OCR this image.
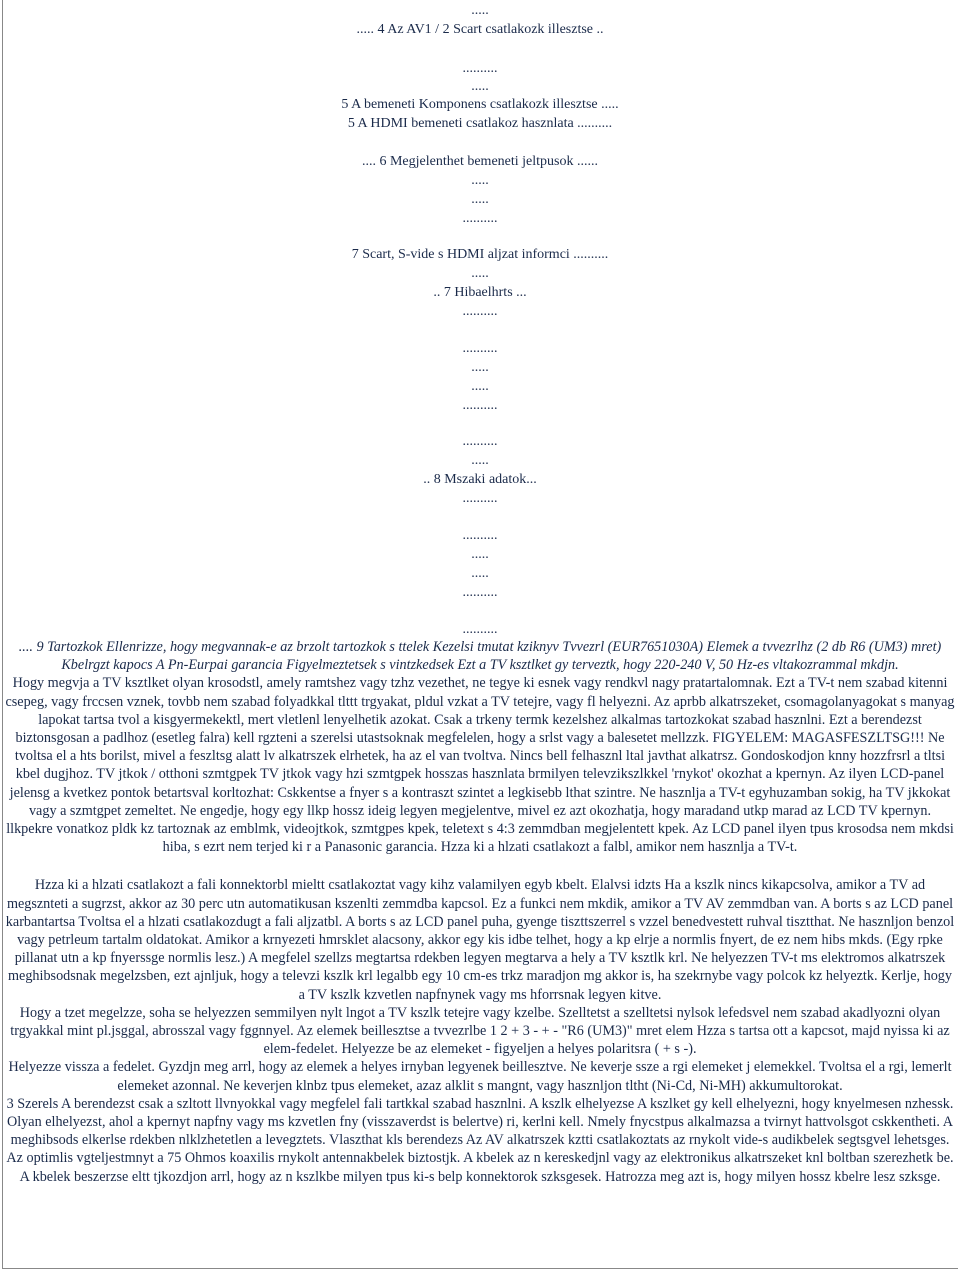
.....
..... 4 Az AV1 / 2 Scart csatlakozk illesztse ..
..........
.....
5 A bemeneti Komponens csatlakozk illesztse .....
5 A HDMI bemeneti csatlakoz hasznlata ..........
.... 6 Megjelenthet bemeneti jeltpusok ......
.....
.....
..........
7 Scart, S-vide s HDMI aljzat informci ..........
.....
.. 7 Hibaelhrts ...
..........
..........
.....
.....
..........
..........
.....
.. 8 Mszaki adatok...
..........
..........
.....
.....
..........
..........

.... 9 Tartozkok Ellenrizze, hogy megvannak-e az brzolt tartozkok s ttelek Kezelsi tmutat kziknyv Tvvezrl (EUR7651030A) Elemek a tvvezrlhz (2 db R6 (UM3) mret) Kbelrgzt kapocs A Pn-Eurpai garancia Figyelmeztetsek s vintzkedsek Ezt a TV ksztlket gy terveztk, hogy 220-240 V, 50 Hz-es vltakozrammal mkdjn.

Hogy megvja a TV ksztlket olyan krosodstl, amely ramtshez vagy tzhz vezethet, ne tegye ki esnek vagy rendkvl nagy pratartalomnak. Ezt a TV-t nem szabad kitenni csepeg, vagy frccsen vznek, tovbb nem szabad folyadkkal tlttt trgyakat, pldul vzkat a TV tetejre, vagy fl helyezni. Az aprbb alkatrszeket, csomagolanyagokat s manyag lapokat tartsa tvol a kisgyermekektl, mert vletlenl lenyelhetik azokat. Csak a trkeny termk kezelshez alkalmas tartozkokat szabad hasznlni. Ezt a berendezst biztonsgosan a padlhoz (esetleg falra) kell rgzteni a szerelsi utastsoknak megfelelen, hogy a srlst vagy a balesetet mellzzk. FIGYELEM: MAGASFESZLTSG!!! Ne tvoltsa el a hts borilst, mivel a feszltsg alatt lv alkatrszek elrhetek, ha az el van tvoltva. Nincs bell felhasznl ltal javthat alkatrsz. Gondoskodjon knny hozzfrsrl a tltsi kbel dugjhoz. TV jtkok / otthoni szmtgpek TV jtkok vagy hzi szmtgpek hosszas hasznlata brmilyen televzikszlkkel 'rnykot' okozhat a kpernyn. Az ilyen LCD-panel jelensg a kvetkez pontok betartsval korltozhat: Cskkentse a fnyer s a kontraszt szintet a legkisebb lthat szintre. Ne hasznlja a TV-t egyhuzamban sokig, ha TV jkkokat vagy a szmtgpet zemeltet. Ne engedje, hogy egy llkp hossz ideig legyen megjelentve, mivel ez azt okozhatja, hogy maradand utkp marad az LCD TV kpernyn. llkpekre vonatkoz pldk kz tartoznak az emblmk, videojtkok, szmtgpes kpek, teletext s 4:3 zemmdban megjelentett kpek. Az LCD panel ilyen tpus krosodsa nem mkdsi hiba, s ezrt nem terjed ki r a Panasonic garancia. Hzza ki a hlzati csatlakozt a falbl, amikor nem hasznlja a TV-t.

Hzza ki a hlzati csatlakozt a fali konnektorbl mieltt csatlakoztat vagy kihz valamilyen egyb kbelt. Elalvsi idzts Ha a kszlk nincs kikapcsolva, amikor a TV ad megsznteti a sugrzst, akkor az 30 perc utn automatikusan kszenlti zemmdba kapcsol. Ez a funkci nem mkdik, amikor a TV AV zemmdban van. A borts s az LCD panel karbantartsa Tvoltsa el a hlzati csatlakozdugt a fali aljzatbl. A borts s az LCD panel puha, gyenge tiszttszerrel s vzzel benedvestett ruhval tisztthat. Ne hasznljon benzol vagy petrleum tartalm oldatokat. Amikor a krnyezeti hmrsklet alacsony, akkor egy kis idbe telhet, hogy a kp elrje a normlis fnyert, de ez nem hibs mkds. (Egy rpke pillanat utn a kp fnyerssge normlis lesz.) A megfelel szellzs megtartsa rdekben legyen megtarva a hely a TV ksztlk krl. Ne helyezzen TV-t ms elektromos alkatrszek meghibsodsnak megelzsben, ezt ajnljuk, hogy a televzi kszlk krl legalbb egy 10 cm-es trkz maradjon mg akkor is, ha szekrnybe vagy polcok kz helyeztk. Kerlje, hogy a TV kszlk kzvetlen napfnynek vagy ms hforrsnak legyen kitve.

Hogy a tzet megelzze, soha se helyezzen semmilyen nylt lngot a TV kszlk tetejre vagy kzelbe. Szelltetst a szelltetsi nylsok lefedsvel nem szabad akadlyozni olyan trgyakkal mint pl.jsggal, abrosszal vagy fggnnyel. Az elemek beillesztse a tvvezrlbe 1 2 + 3 - + - "R6 (UM3)" mret elem Hzza s tartsa ott a kapcsot, majd nyissa ki az elem-fedelet. Helyezze be az elemeket - figyeljen a helyes polaritsra ( + s -).

Helyezze vissza a fedelet. Gyzdjn meg arrl, hogy az elemek a helyes irnyban legyenek beillesztve. Ne keverje ssze a rgi elemeket j elemekkel. Tvoltsa el a rgi, lemerlt elemeket azonnal. Ne keverjen klnbz tpus elemeket, azaz alklit s mangnt, vagy hasznljon tltht (Ni-Cd, Ni-MH) akkumultorokat.

3 Szerels A berendezst csak a szltott llvnyokkal vagy megfelel fali tartkkal szabad hasznlni. A kszlk elhelyezse A kszlket gy kell elhelyezni, hogy knyelmesen nzhessk. Olyan elhelyezst, ahol a kpernyt napfny vagy ms kzvetlen fny (visszaverdst is belertve) ri, kerlni kell. Nmely fnycstpus alkalmazsa a tvirnyt hattvolsgot cskkentheti. A meghibsods elkerlse rdekben nlklzhetetlen a levegztets. Vlaszthat kls berendezs Az AV alkatrszek kztti csatlakoztats az rnykolt vide-s audikbelek segtsgvel lehetsges. Az optimlis vgteljestmnyt a 75 Ohmos koaxilis rnykolt antennakbelek biztostjk. A kbelek az n kereskedjnl vagy az elektronikus alkatrszeket knl boltban szerezhetk be. A kbelek beszerzse eltt tjkozdjon arrl, hogy az n kszlkbe milyen tpus ki-s belp konnektorok szksgesek. Hatrozza meg azt is, hogy milyen hossz kbelre lesz szksge.
